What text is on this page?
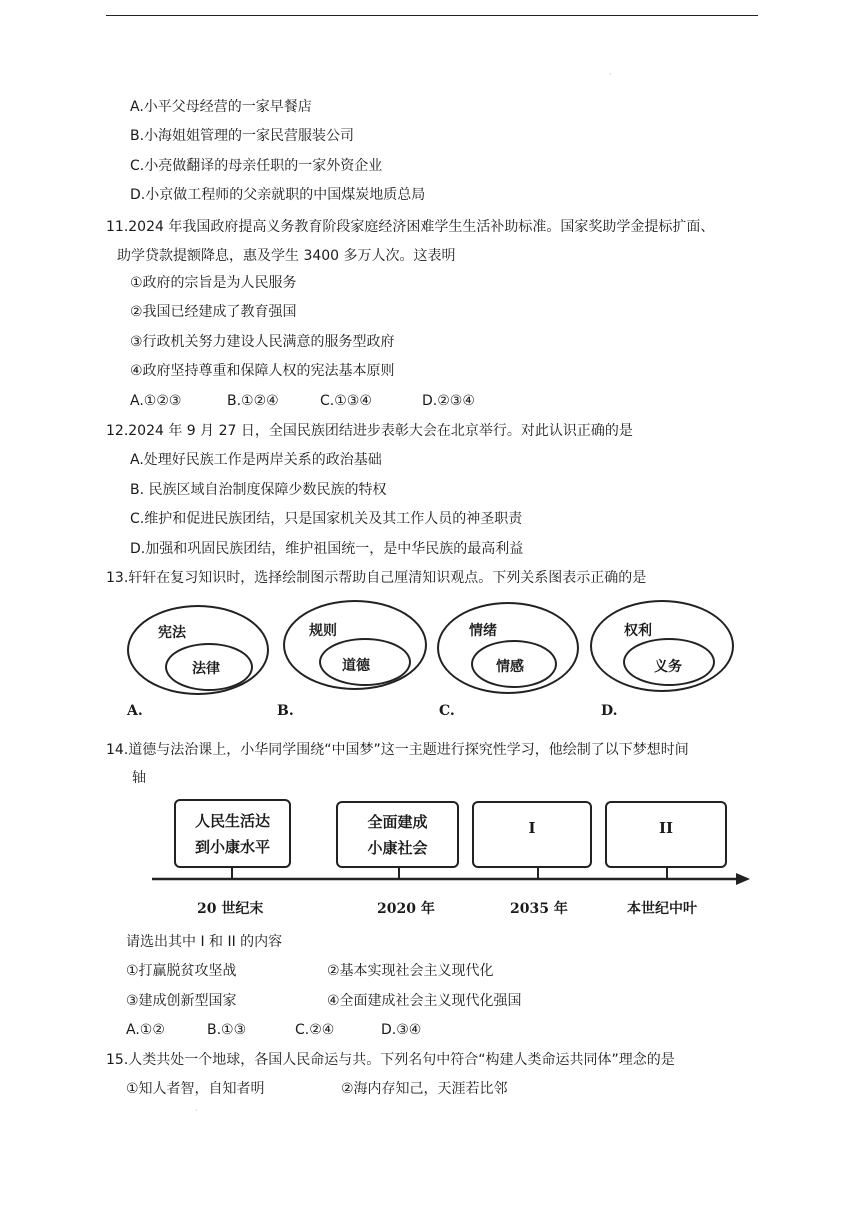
·
A.小平父母经营的一家早餐店
B.小海姐姐管理的一家民营服装公司
C.小亮做翻译的母亲任职的一家外资企业
D.小京做工程师的父亲就职的中国煤炭地质总局
11.2024 年我国政府提高义务教育阶段家庭经济困难学生生活补助标准。国家奖助学金提标扩面、
助学贷款提额降息，惠及学生 3400 多万人次。这表明
①政府的宗旨是为人民服务
②我国已经建成了教育强国
③行政机关努力建设人民满意的服务型政府
④政府坚持尊重和保障人权的宪法基本原则
A.①②③	B.①②④	C.①③④	D.②③④
12.2024 年 9 月 27 日，全国民族团结进步表彰大会在北京举行。对此认识正确的是
A.处理好民族工作是两岸关系的政治基础
B. 民族区域自治制度保障少数民族的特权
C.维护和促进民族团结，只是国家机关及其工作人员的神圣职责
D.加强和巩固民族团结，维护祖国统一，是中华民族的最高利益
13.轩轩在复习知识时，选择绘制图示帮助自己厘清知识观点。下列关系图表示正确的是
宪法
法律
A.
规则
道德
B.
情绪
情感
C.
权利
义务
D.
14.道德与法治课上，小华同学围绕“中国梦”这一主题进行探究性学习，他绘制了以下梦想时间
轴
人民生活达
到小康水平
全面建成
小康社会
I	II
20 世纪末	2020 年	2035 年	本世纪中叶
请选出其中 I 和 II 的内容
①打赢脱贫攻坚战	②基本实现社会主义现代化
③建成创新型国家	④全面建成社会主义现代化强国
A.①②	B.①③	C.②④	D.③④
15.人类共处一个地球，各国人民命运与共。下列名句中符合“构建人类命运共同体”理念的是
①知人者智，自知者明	②海内存知己，天涯若比邻
·
